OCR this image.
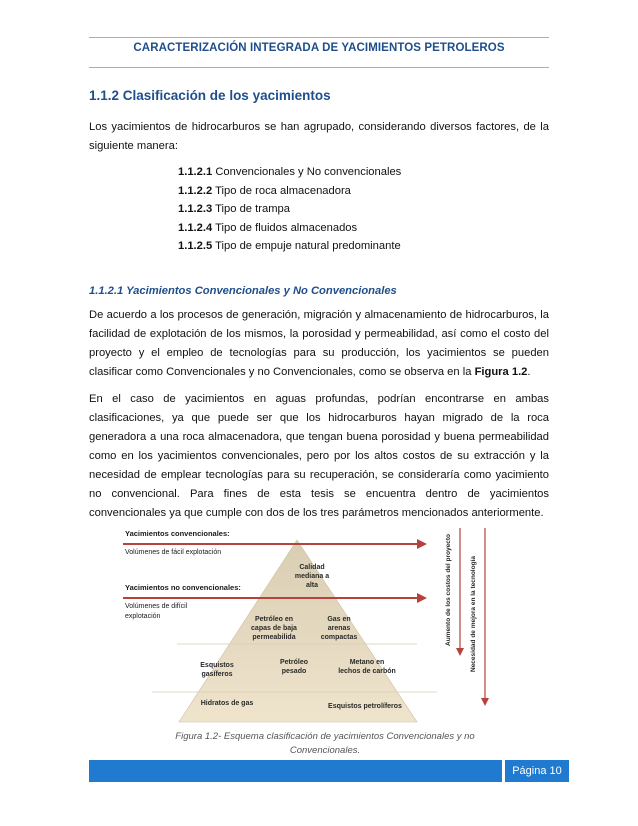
CARACTERIZACIÓN INTEGRADA DE YACIMIENTOS PETROLEROS
1.1.2 Clasificación de los yacimientos
Los yacimientos de hidrocarburos se han agrupado, considerando diversos factores, de la siguiente manera:
1.1.2.1 Convencionales y No convencionales
1.1.2.2 Tipo de roca almacenadora
1.1.2.3 Tipo de trampa
1.1.2.4 Tipo de fluidos almacenados
1.1.2.5 Tipo de empuje natural predominante
1.1.2.1 Yacimientos Convencionales y No Convencionales
De acuerdo a los procesos de generación, migración y almacenamiento de hidrocarburos, la facilidad de explotación de los mismos, la porosidad y permeabilidad, así como el costo del proyecto y el empleo de tecnologías para su producción, los yacimientos se pueden clasificar como Convencionales y no Convencionales, como se observa en la Figura 1.2.
En el caso de yacimientos en aguas profundas, podrían encontrarse en ambas clasificaciones, ya que puede ser que los hidrocarburos hayan migrado de la roca generadora a una roca almacenadora, que tengan buena porosidad y buena permeabilidad como en los yacimientos convencionales, pero por los altos costos de su extracción y la necesidad de emplear tecnologías para su recuperación, se consideraría como yacimiento no convencional. Para fines de esta tesis se encuentra dentro de yacimientos convencionales ya que cumple con dos de los tres parámetros mencionados anteriormente.
Yacimientos convencionales:
Volúmenes de fácil explotación
Yacimientos no convencionales:
Volúmenes de difícil
explotación
Calidad
mediana a
alta
Petróleo en
capas de baja
permeabilida
Gas en
arenas
compactas
Esquistos
gasíferos
Petróleo
pesado
Metano en
lechos de carbón
Hidratos de gas	Esquistos petrolíferos
Aumento de los costos del proyecto	Necesidad de mejora en la tecnología
Figura 1.2- Esquema clasificación de yacimientos Convencionales y no
Convencionales.
Página 10
